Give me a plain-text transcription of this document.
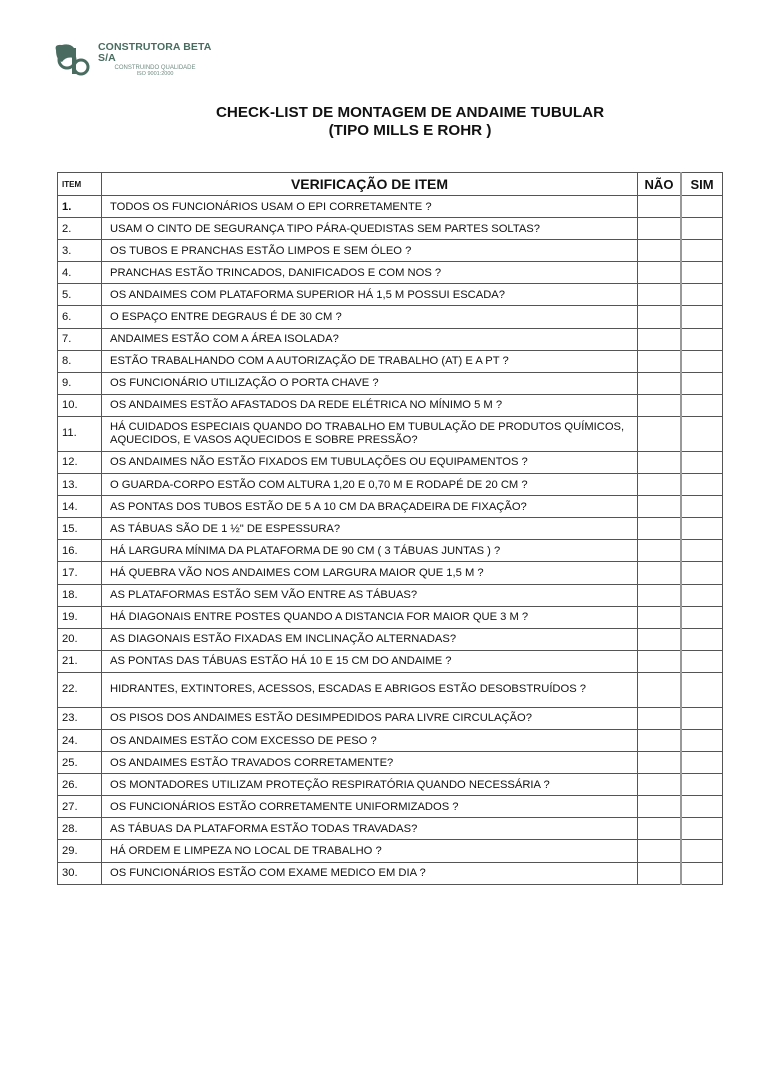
CONSTRUTORA BETA S/A
CONSTRUINDO QUALIDADE
ISO 9001:2000
CHECK-LIST DE MONTAGEM DE ANDAIME TUBULAR
(TIPO MILLS E ROHR )
ITEM	VERIFICAÇÃO DE ITEM	NÃO	SIM
1.	TODOS OS FUNCIONÁRIOS USAM O EPI CORRETAMENTE ?		
2.	USAM O CINTO DE SEGURANÇA TIPO PÁRA-QUEDISTAS SEM PARTES SOLTAS?		
3.	OS TUBOS E PRANCHAS ESTÃO LIMPOS E SEM ÓLEO ?		
4.	PRANCHAS ESTÃO TRINCADOS, DANIFICADOS E COM NOS ?		
5.	OS ANDAIMES COM PLATAFORMA SUPERIOR HÁ 1,5 M POSSUI ESCADA?		
6.	O ESPAÇO ENTRE DEGRAUS É DE 30 CM ?		
7.	ANDAIMES ESTÃO COM A ÁREA ISOLADA?		
8.	ESTÃO TRABALHANDO COM A AUTORIZAÇÃO DE TRABALHO (AT) E A PT ?		
9.	OS FUNCIONÁRIO UTILIZAÇÃO O PORTA CHAVE ?		
10.	OS ANDAIMES ESTÃO AFASTADOS DA REDE ELÉTRICA NO MÍNIMO 5 M ?		
11.	HÁ CUIDADOS ESPECIAIS QUANDO DO TRABALHO EM TUBULAÇÃO DE PRODUTOS QUÍMICOS, AQUECIDOS, E VASOS AQUECIDOS E SOBRE PRESSÃO?		
12.	OS ANDAIMES NÃO ESTÃO FIXADOS EM TUBULAÇÕES OU EQUIPAMENTOS ?		
13.	O GUARDA-CORPO ESTÃO COM ALTURA 1,20 E 0,70 M E RODAPÉ DE 20 CM ?		
14.	AS PONTAS DOS TUBOS ESTÃO DE 5 A 10 CM DA BRAÇADEIRA DE FIXAÇÃO?		
15.	AS TÁBUAS SÃO DE 1 ½" DE ESPESSURA?		
16.	HÁ LARGURA MÍNIMA DA PLATAFORMA DE 90 CM ( 3 TÁBUAS JUNTAS ) ?		
17.	HÁ QUEBRA VÃO NOS ANDAIMES COM LARGURA MAIOR QUE 1,5 M ?		
18.	AS PLATAFORMAS ESTÃO SEM VÃO ENTRE AS TÁBUAS?		
19.	HÁ DIAGONAIS ENTRE POSTES QUANDO A DISTANCIA FOR MAIOR QUE 3 M ?		
20.	AS DIAGONAIS ESTÃO FIXADAS EM INCLINAÇÃO ALTERNADAS?		
21.	AS PONTAS DAS TÁBUAS ESTÃO HÁ 10 E 15 CM DO ANDAIME ?		
22.	HIDRANTES, EXTINTORES, ACESSOS, ESCADAS E ABRIGOS ESTÃO DESOBSTRUÍDOS ?		
23.	OS PISOS DOS ANDAIMES ESTÃO DESIMPEDIDOS PARA LIVRE CIRCULAÇÃO?		
24.	OS ANDAIMES ESTÃO COM EXCESSO DE PESO ?		
25.	OS ANDAIMES ESTÃO TRAVADOS CORRETAMENTE?		
26.	OS MONTADORES UTILIZAM PROTEÇÃO RESPIRATÓRIA QUANDO NECESSÁRIA ?		
27.	OS FUNCIONÁRIOS ESTÃO CORRETAMENTE UNIFORMIZADOS ?		
28.	AS TÁBUAS DA PLATAFORMA ESTÃO TODAS TRAVADAS?		
29.	HÁ ORDEM E LIMPEZA NO LOCAL DE TRABALHO ?		
30.	OS FUNCIONÁRIOS ESTÃO COM EXAME MEDICO EM DIA ?		
